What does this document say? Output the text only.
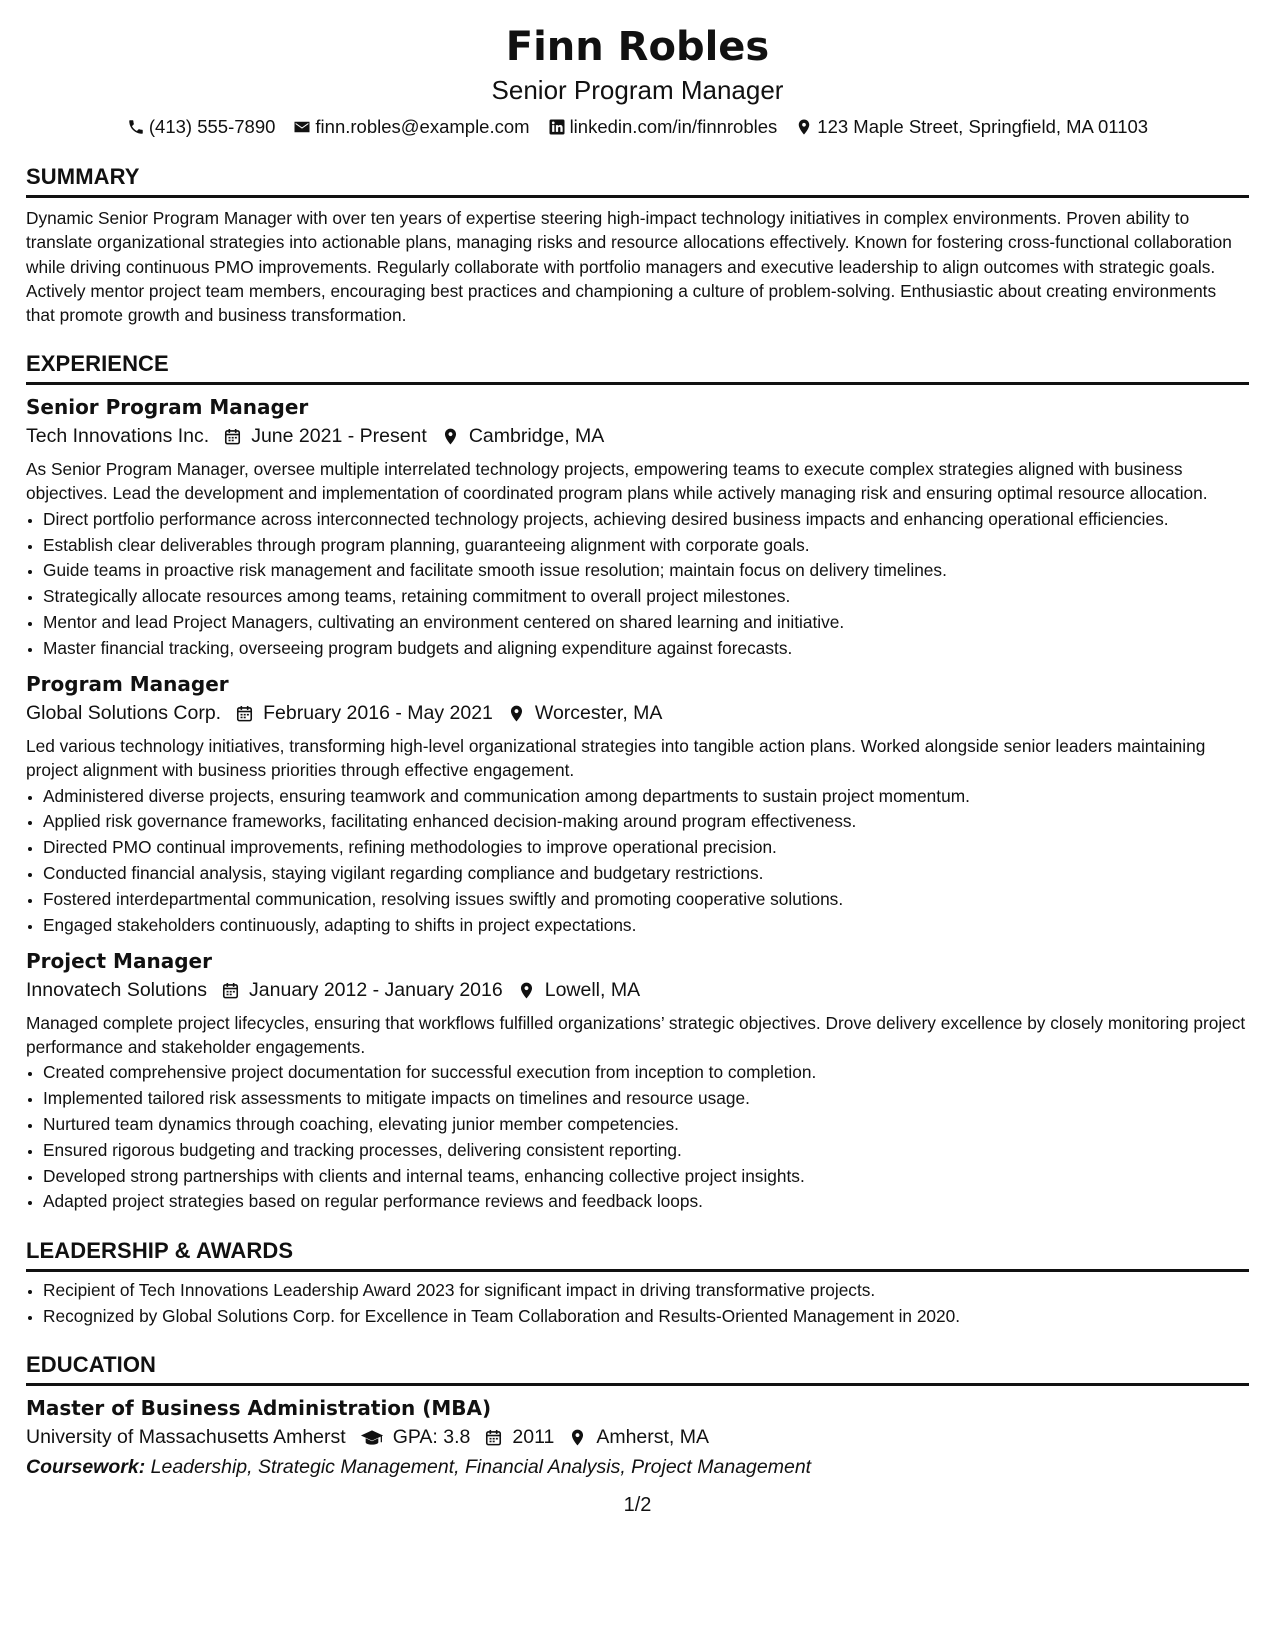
Finn Robles
Senior Program Manager
(413) 555-7890 finn.robles@example.com linkedin.com/in/finnrobles 123 Maple Street, Springfield, MA 01103
SUMMARY
Dynamic Senior Program Manager with over ten years of expertise steering high-impact technology initiatives in complex environments. Proven ability to translate organizational strategies into actionable plans, managing risks and resource allocations effectively. Known for fostering cross-functional collaboration while driving continuous PMO improvements. Regularly collaborate with portfolio managers and executive leadership to align outcomes with strategic goals. Actively mentor project team members, encouraging best practices and championing a culture of problem-solving. Enthusiastic about creating environments that promote growth and business transformation.
EXPERIENCE
Senior Program Manager
Tech Innovations Inc. June 2021 - Present Cambridge, MA
As Senior Program Manager, oversee multiple interrelated technology projects, empowering teams to execute complex strategies aligned with business objectives. Lead the development and implementation of coordinated program plans while actively managing risk and ensuring optimal resource allocation.
• Direct portfolio performance across interconnected technology projects, achieving desired business impacts and enhancing operational efficiencies.
• Establish clear deliverables through program planning, guaranteeing alignment with corporate goals.
• Guide teams in proactive risk management and facilitate smooth issue resolution; maintain focus on delivery timelines.
• Strategically allocate resources among teams, retaining commitment to overall project milestones.
• Mentor and lead Project Managers, cultivating an environment centered on shared learning and initiative.
• Master financial tracking, overseeing program budgets and aligning expenditure against forecasts.
Program Manager
Global Solutions Corp. February 2016 - May 2021 Worcester, MA
Led various technology initiatives, transforming high-level organizational strategies into tangible action plans. Worked alongside senior leaders maintaining project alignment with business priorities through effective engagement.
• Administered diverse projects, ensuring teamwork and communication among departments to sustain project momentum.
• Applied risk governance frameworks, facilitating enhanced decision-making around program effectiveness.
• Directed PMO continual improvements, refining methodologies to improve operational precision.
• Conducted financial analysis, staying vigilant regarding compliance and budgetary restrictions.
• Fostered interdepartmental communication, resolving issues swiftly and promoting cooperative solutions.
• Engaged stakeholders continuously, adapting to shifts in project expectations.
Project Manager
Innovatech Solutions January 2012 - January 2016 Lowell, MA
Managed complete project lifecycles, ensuring that workflows fulfilled organizations’ strategic objectives. Drove delivery excellence by closely monitoring project performance and stakeholder engagements.
• Created comprehensive project documentation for successful execution from inception to completion.
• Implemented tailored risk assessments to mitigate impacts on timelines and resource usage.
• Nurtured team dynamics through coaching, elevating junior member competencies.
• Ensured rigorous budgeting and tracking processes, delivering consistent reporting.
• Developed strong partnerships with clients and internal teams, enhancing collective project insights.
• Adapted project strategies based on regular performance reviews and feedback loops.
LEADERSHIP & AWARDS
• Recipient of Tech Innovations Leadership Award 2023 for significant impact in driving transformative projects.
• Recognized by Global Solutions Corp. for Excellence in Team Collaboration and Results-Oriented Management in 2020.
EDUCATION
Master of Business Administration (MBA)
University of Massachusetts Amherst GPA: 3.8 2011 Amherst, MA
Coursework: Leadership, Strategic Management, Financial Analysis, Project Management
1/2
